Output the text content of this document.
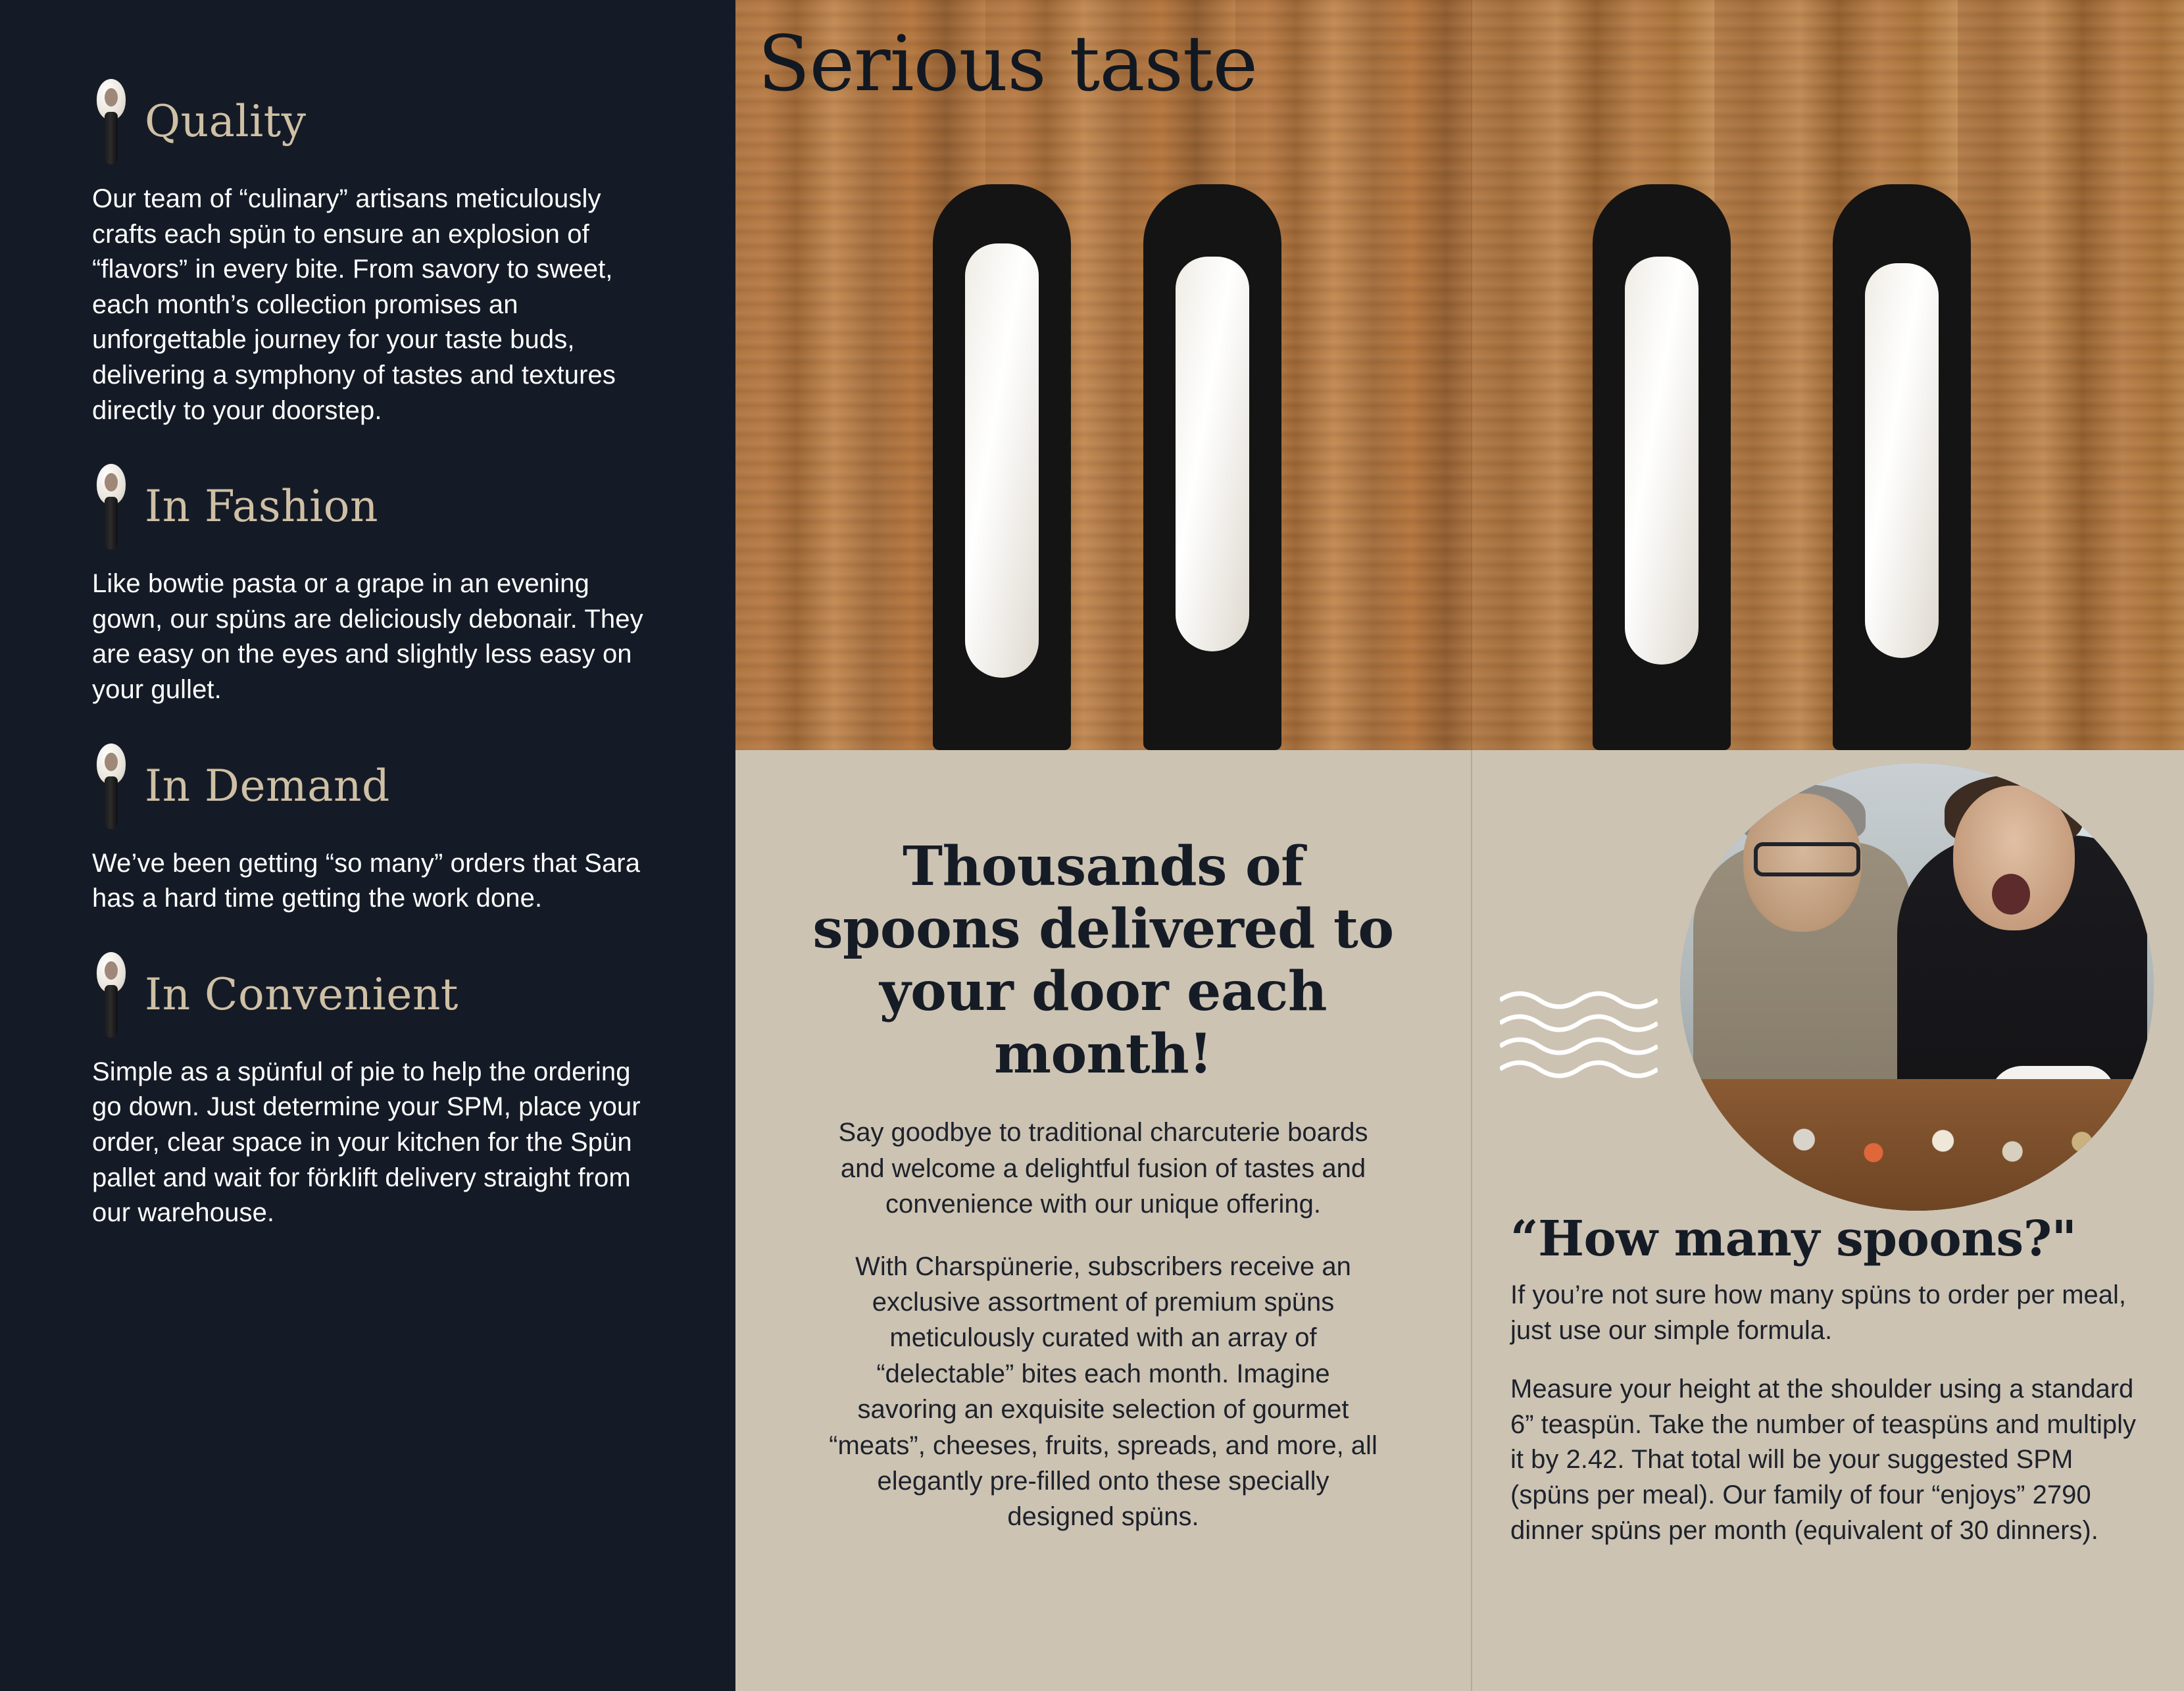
Quality
Our team of “culinary” artisans meticulously crafts each spün to ensure an explosion of “flavors” in every bite. From savory to sweet, each month’s collection promises an unforgettable journey for your taste buds, delivering a symphony of tastes and textures directly to your doorstep.
In Fashion
Like bowtie pasta or a grape in an evening gown, our spüns are deliciously debonair. They are easy on the eyes and slightly less easy on your gullet.
In Demand
We’ve been getting “so many” orders that Sara has a hard time getting the work done.
In Convenient
Simple as a spünful of pie to help the ordering go down. Just determine your SPM, place your order, clear space in your kitchen for the Spün pallet and wait for förklift delivery straight from our warehouse.
Serious taste
Thousands of spoons delivered to your door each month!

Say goodbye to traditional charcuterie boards and welcome a delightful fusion of tastes and convenience with our unique offering.

With Charspünerie, subscribers receive an exclusive assortment of premium spüns meticulously curated with an array of “delectable” bites each month. Imagine savoring an exquisite selection of gourmet “meats”, cheeses, fruits, spreads, and more, all elegantly pre-filled onto these specially designed spüns.

“How many spoons?"

If you’re not sure how many spüns to order per meal, just use our simple formula.

Measure your height at the shoulder using a standard 6” teaspün. Take the number of teaspüns and multiply it by 2.42. That total will be your suggested SPM (spüns per meal). Our family of four “enjoys” 2790 dinner spüns per month (equivalent of 30 dinners).
